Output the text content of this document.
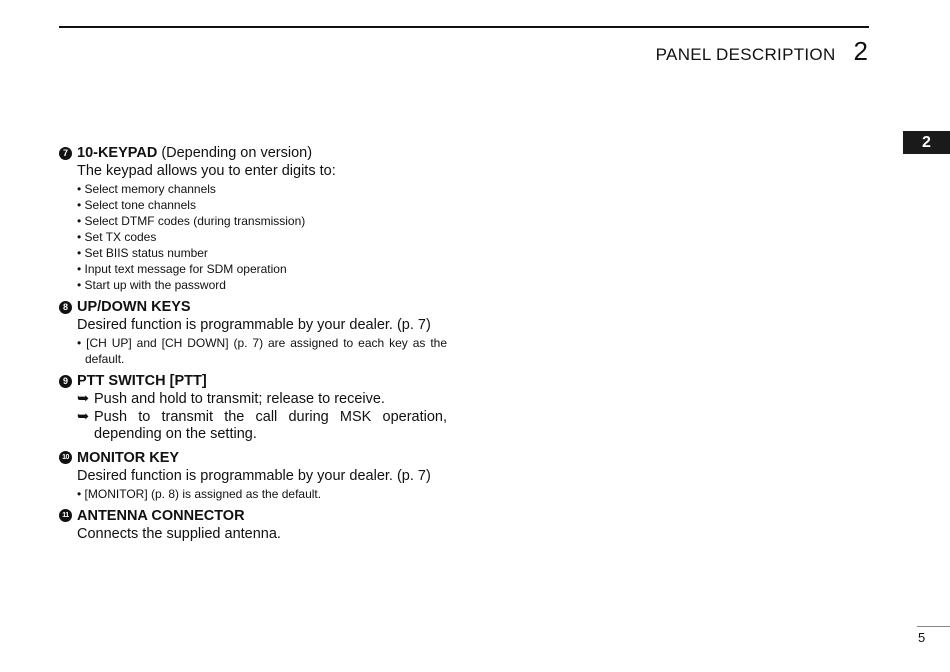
PANEL DESCRIPTION 2
2
7 10-KEYPAD (Depending on version)
The keypad allows you to enter digits to:
• Select memory channels
• Select tone channels
• Select DTMF codes (during transmission)
• Set TX codes
• Set BIIS status number
• Input text message for SDM operation
• Start up with the password
8 UP/DOWN KEYS
Desired function is programmable by your dealer. (p. 7)
• [CH UP] and [CH DOWN] (p. 7) are assigned to each key as the default.
9 PTT SWITCH [PTT]
➥ Push and hold to transmit; release to receive.
➥ Push to transmit the call during MSK operation, depending on the setting.
10 MONITOR KEY
Desired function is programmable by your dealer. (p. 7)
• [MONITOR] (p. 8) is assigned as the default.
11 ANTENNA CONNECTOR
Connects the supplied antenna.
5
